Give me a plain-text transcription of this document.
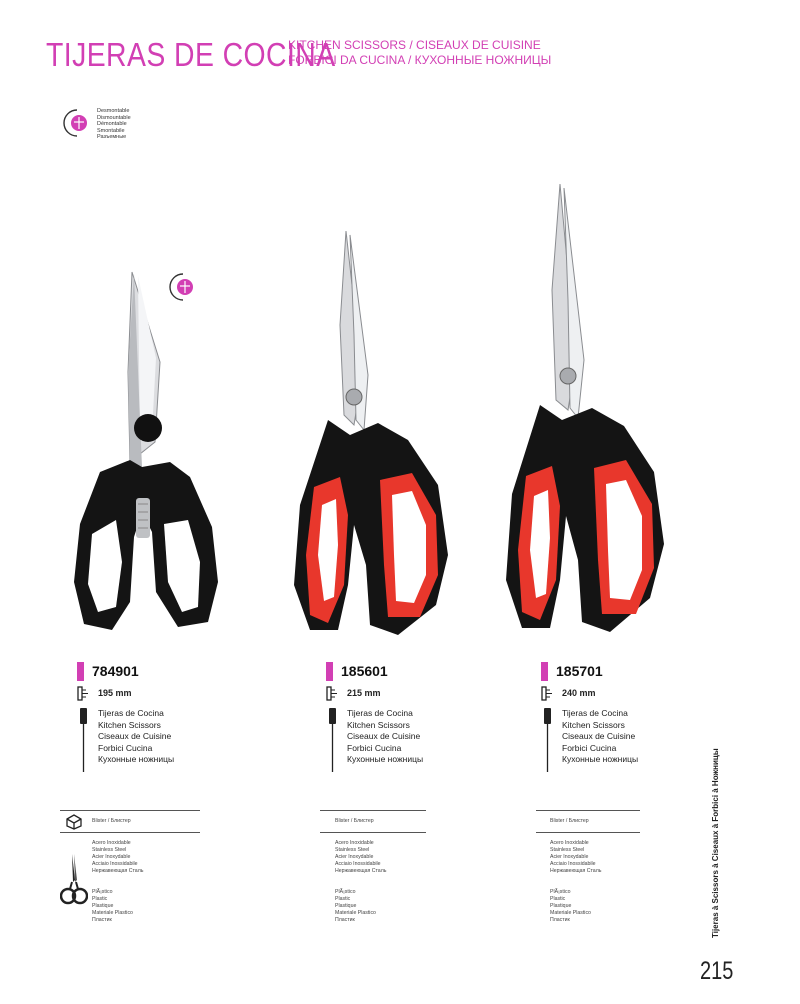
TIJERAS DE COCINA
KITCHEN SCISSORS / CISEAUX DE CUISINE
FORBICI DA CUCINA / КУХОННЫЕ НОЖНИЦЫ
Desmontable
Dismountable
Démontable
Smontabile
Разъемные
784901
195 mm
Tijeras de Cocina
Kitchen Scissors
Ciseaux de Cuisine
Forbici Cucina
Кухонные ножницы
185601
215 mm
Tijeras de Cocina
Kitchen Scissors
Ciseaux de Cuisine
Forbici Cucina
Кухонные ножницы
185701
240 mm
Tijeras de Cocina
Kitchen Scissors
Ciseaux de Cuisine
Forbici Cucina
Кухонные ножницы
Blister / Блистер
Acero Inoxidable
Stainless Steel
Acier Inoxydable
Acciaio Inossidabile
Нержавеющая Сталь
PlÃ¡stico
Plastic
Plastique
Materiale Plastico
Пластик
Blister / Блистер
Acero Inoxidable
Stainless Steel
Acier Inoxydable
Acciaio Inossidabile
Нержавеющая Сталь
PlÃ¡stico
Plastic
Plastique
Materiale Plastico
Пластик
Blister / Блистер
Acero Inoxidable
Stainless Steel
Acier Inoxydable
Acciaio Inossidabile
Нержавеющая Сталь
PlÃ¡stico
Plastic
Plastique
Materiale Plastico
Пластик	Tijeras à Scissors à Ciseaux à Forbici à Ножницы
215
